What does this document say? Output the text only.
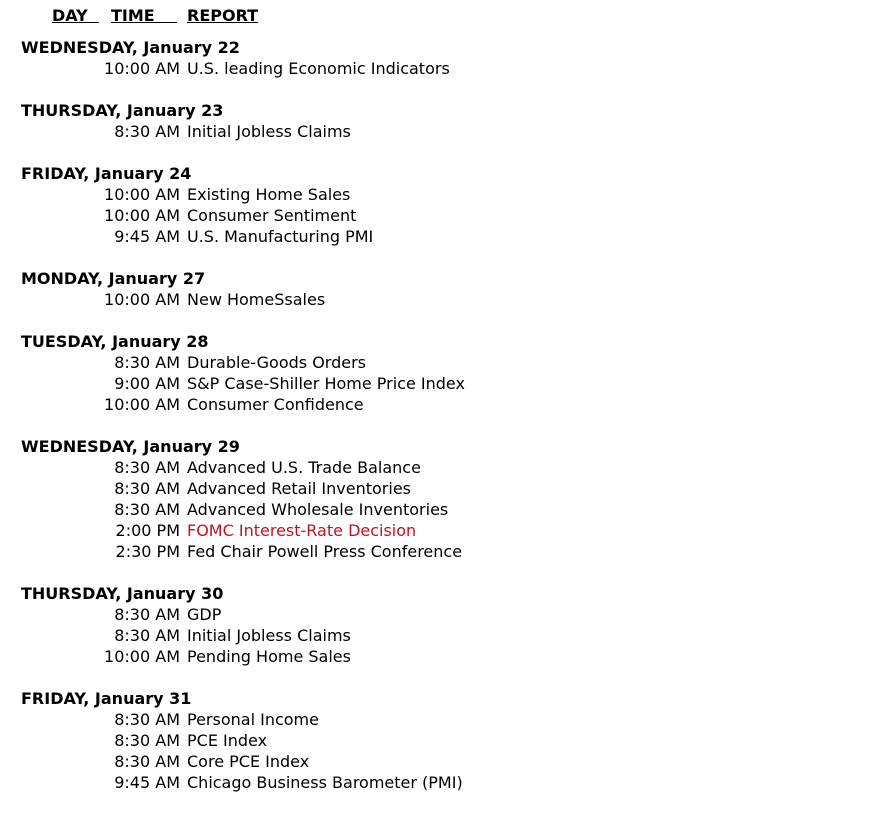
DAY TIME REPORT
WEDNESDAY, January 22
10:00 AM U.S. leading Economic Indicators
THURSDAY, January 23
8:30 AM Initial Jobless Claims
FRIDAY, January 24
10:00 AM Existing Home Sales
10:00 AM Consumer Sentiment
9:45 AM U.S. Manufacturing PMI
MONDAY, January 27
10:00 AM New HomeSsales
TUESDAY, January 28
8:30 AM Durable-Goods Orders
9:00 AM S&P Case-Shiller Home Price Index
10:00 AM Consumer Confidence
WEDNESDAY, January 29
8:30 AM Advanced U.S. Trade Balance
8:30 AM Advanced Retail Inventories
8:30 AM Advanced Wholesale Inventories
2:00 PM FOMC Interest-Rate Decision
2:30 PM Fed Chair Powell Press Conference
THURSDAY, January 30
8:30 AM GDP
8:30 AM Initial Jobless Claims
10:00 AM Pending Home Sales
FRIDAY, January 31
8:30 AM Personal Income
8:30 AM PCE Index
8:30 AM Core PCE Index
9:45 AM Chicago Business Barometer (PMI)
